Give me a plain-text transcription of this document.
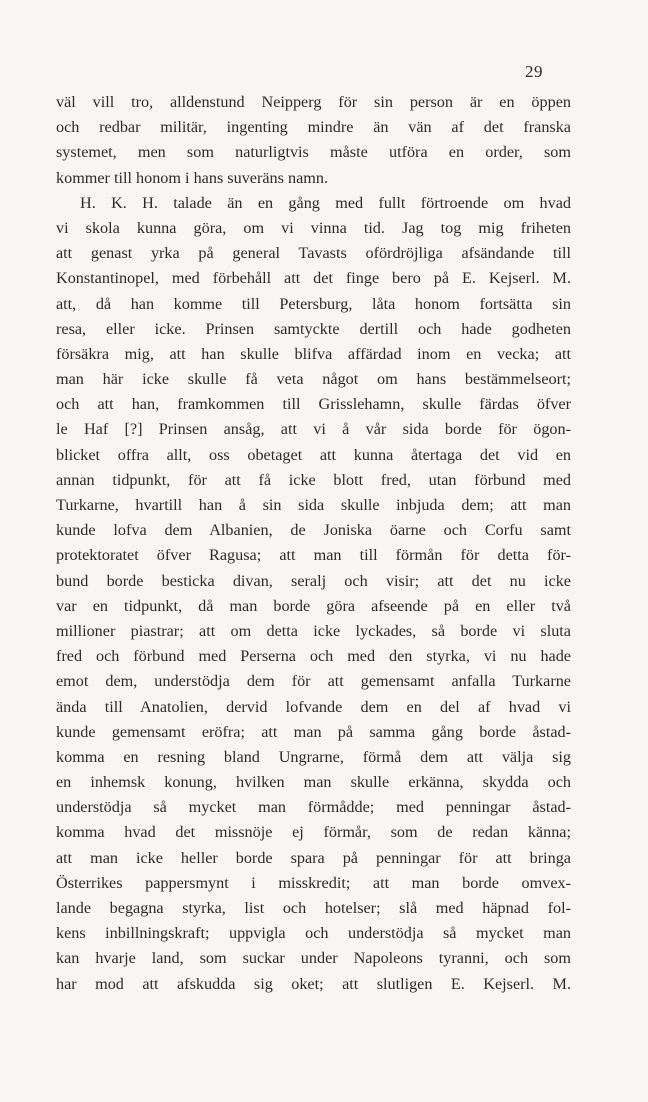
29
väl vill tro, alldenstund Neipperg för sin person är en öppen
och redbar militär, ingenting mindre än vän af det franska
systemet, men som naturligtvis måste utföra en order, som
kommer till honom i hans suveräns namn.
H. K. H. talade än en gång med fullt förtroende om hvad
vi skola kunna göra, om vi vinna tid. Jag tog mig friheten
att genast yrka på general Tavasts ofördröjliga afsändande till
Konstantinopel, med förbehåll att det finge bero på E. Kejserl. M.
att, då han komme till Petersburg, låta honom fortsätta sin
resa, eller icke. Prinsen samtyckte dertill och hade godheten
försäkra mig, att han skulle blifva affärdad inom en vecka; att
man här icke skulle få veta något om hans bestämmelseort;
och att han, framkommen till Grisslehamn, skulle färdas öfver
le Haf [?] Prinsen ansåg, att vi å vår sida borde för ögon-
blicket offra allt, oss obetaget att kunna återtaga det vid en
annan tidpunkt, för att få icke blott fred, utan förbund med
Turkarne, hvartill han å sin sida skulle inbjuda dem; att man
kunde lofva dem Albanien, de Joniska öarne och Corfu samt
protektoratet öfver Ragusa; att man till förmån för detta för-
bund borde besticka divan, seralj och visir; att det nu icke
var en tidpunkt, då man borde göra afseende på en eller två
millioner piastrar; att om detta icke lyckades, så borde vi sluta
fred och förbund med Perserna och med den styrka, vi nu hade
emot dem, understödja dem för att gemensamt anfalla Turkarne
ända till Anatolien, dervid lofvande dem en del af hvad vi
kunde gemensamt eröfra; att man på samma gång borde åstad-
komma en resning bland Ungrarne, förmå dem att välja sig
en inhemsk konung, hvilken man skulle erkänna, skydda och
understödja så mycket man förmådde; med penningar åstad-
komma hvad det missnöje ej förmår, som de redan känna;
att man icke heller borde spara på penningar för att bringa
Österrikes pappersmynt i misskredit; att man borde omvex-
lande begagna styrka, list och hotelser; slå med häpnad fol-
kens inbillningskraft; uppvigla och understödja så mycket man
kan hvarje land, som suckar under Napoleons tyranni, och som
har mod att afskudda sig oket; att slutligen E. Kejserl. M.
